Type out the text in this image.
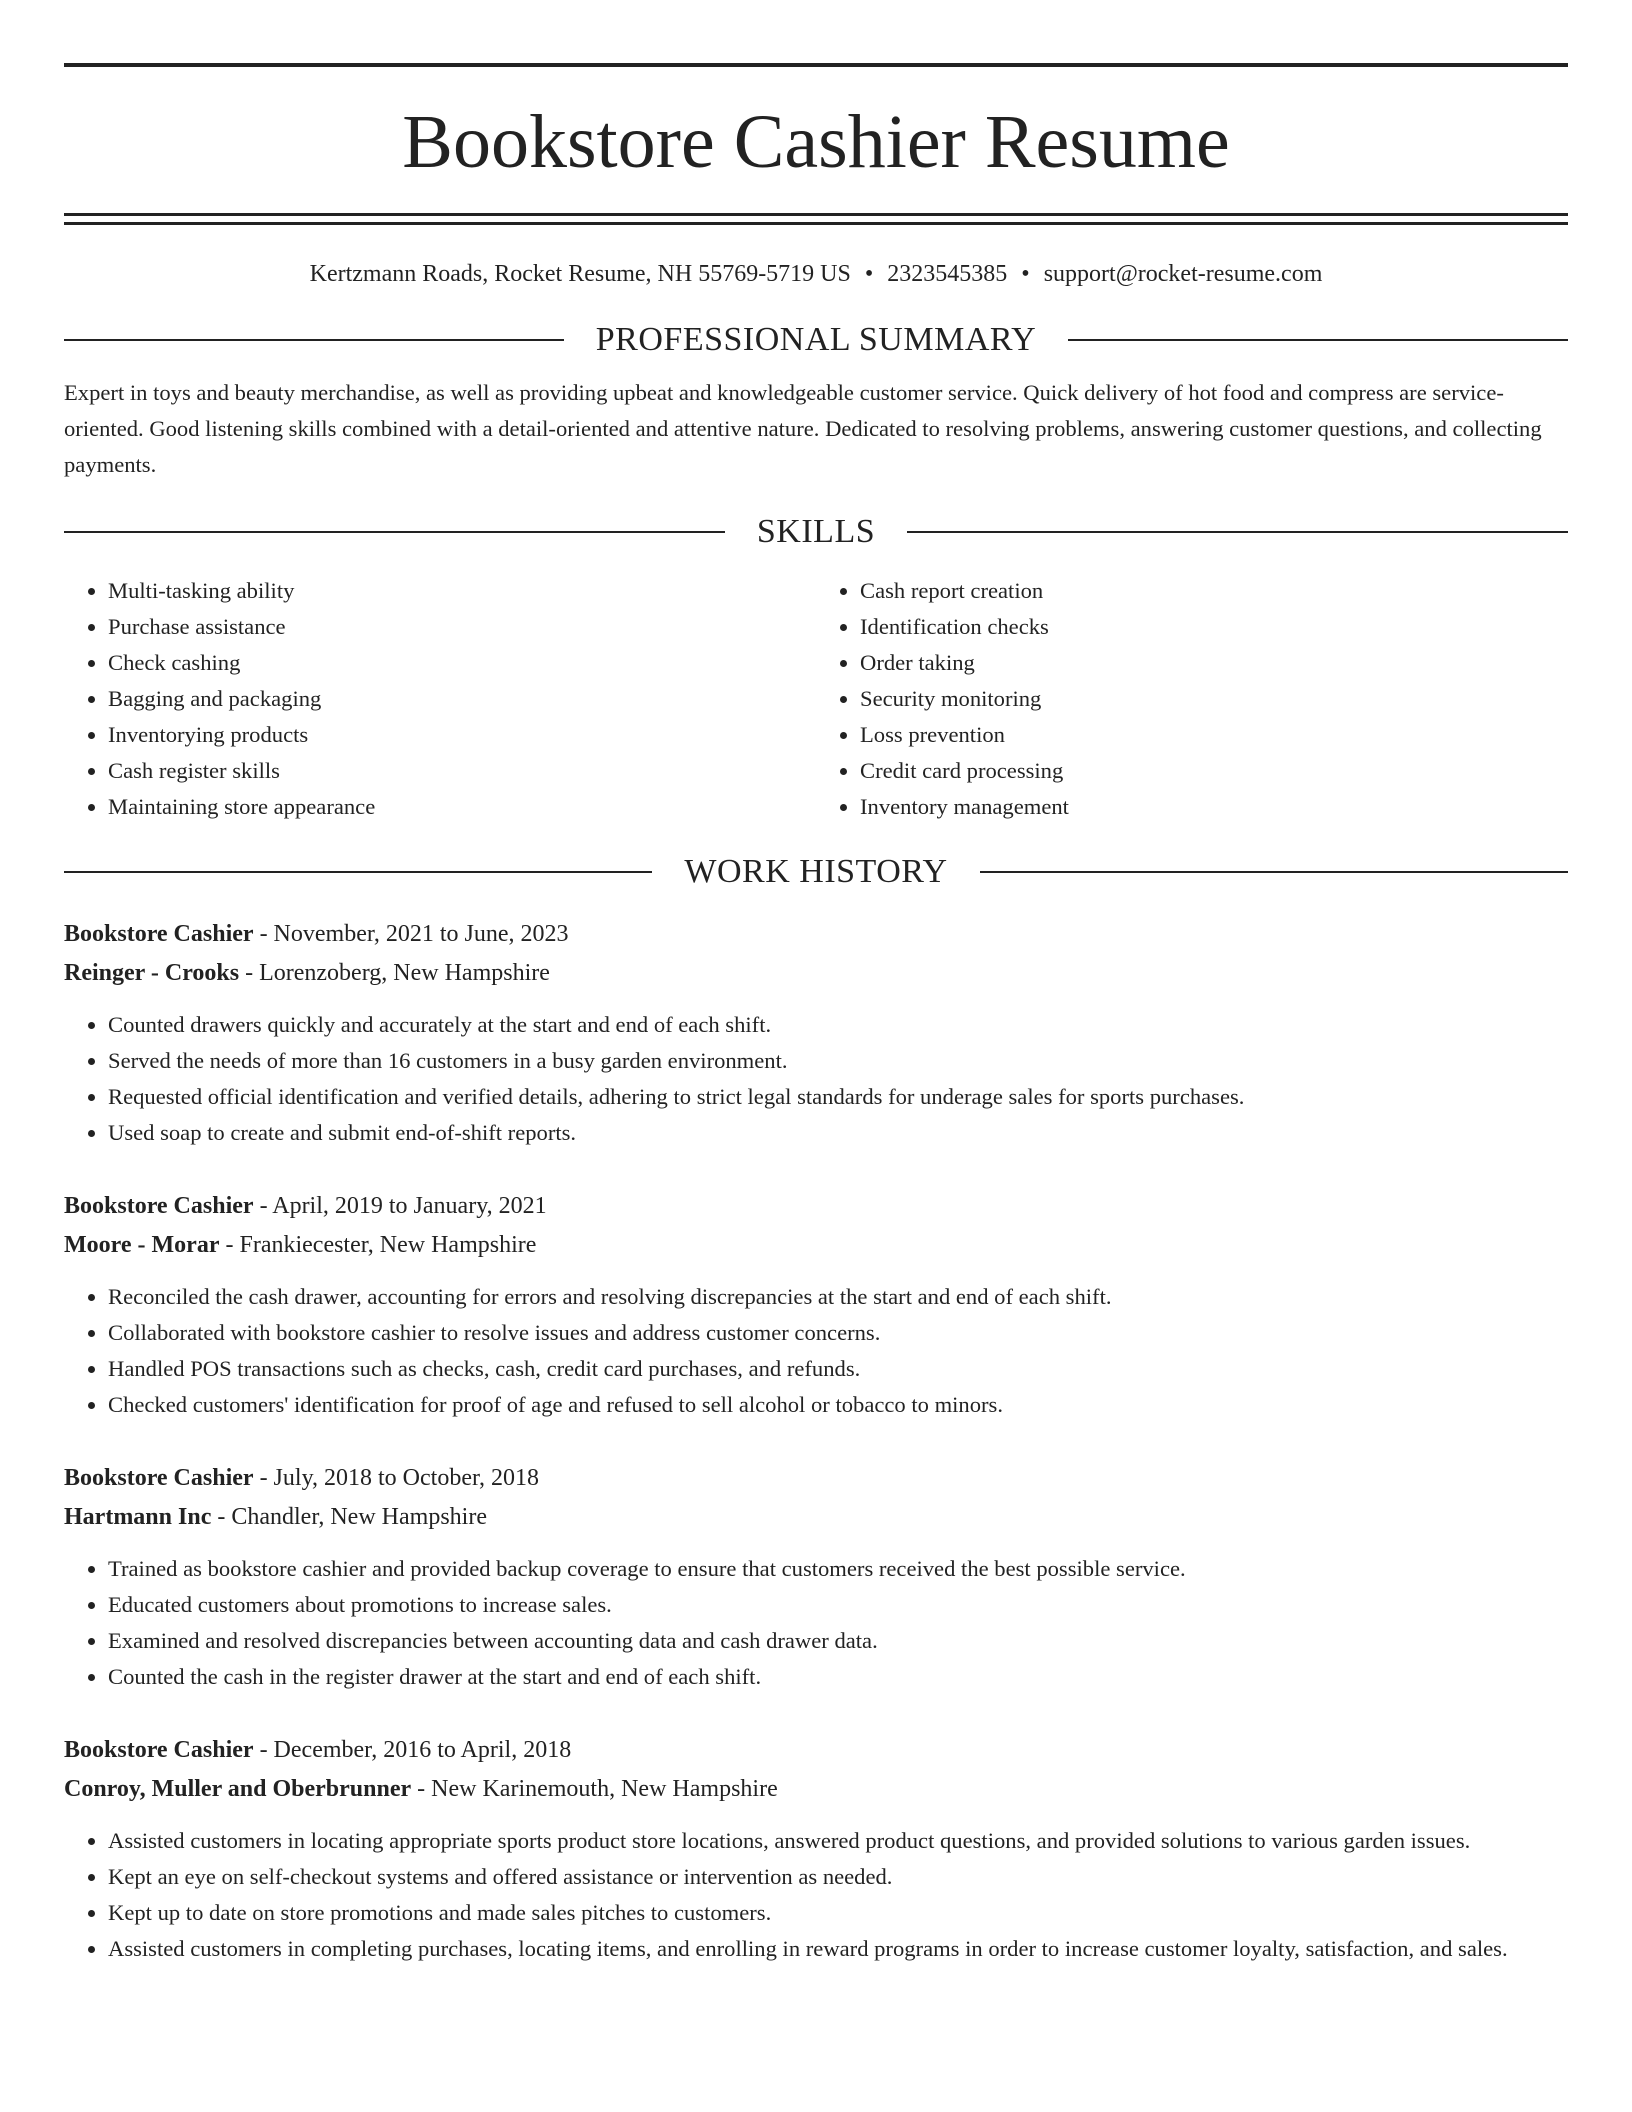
Bookstore Cashier Resume
Kertzmann Roads, Rocket Resume, NH 55769-5719 US • 2323545385 • support@rocket-resume.com
PROFESSIONAL SUMMARY
Expert in toys and beauty merchandise, as well as providing upbeat and knowledgeable customer service. Quick delivery of hot food and compress are service-oriented. Good listening skills combined with a detail-oriented and attentive nature. Dedicated to resolving problems, answering customer questions, and collecting payments.
SKILLS
• Multi-tasking ability
• Purchase assistance
• Check cashing
• Bagging and packaging
• Inventorying products
• Cash register skills
• Maintaining store appearance
• Cash report creation
• Identification checks
• Order taking
• Security monitoring
• Loss prevention
• Credit card processing
• Inventory management
WORK HISTORY
Bookstore Cashier - November, 2021 to June, 2023
Reinger - Crooks - Lorenzoberg, New Hampshire
• Counted drawers quickly and accurately at the start and end of each shift.
• Served the needs of more than 16 customers in a busy garden environment.
• Requested official identification and verified details, adhering to strict legal standards for underage sales for sports purchases.
• Used soap to create and submit end-of-shift reports.
Bookstore Cashier - April, 2019 to January, 2021
Moore - Morar - Frankiecester, New Hampshire
• Reconciled the cash drawer, accounting for errors and resolving discrepancies at the start and end of each shift.
• Collaborated with bookstore cashier to resolve issues and address customer concerns.
• Handled POS transactions such as checks, cash, credit card purchases, and refunds.
• Checked customers' identification for proof of age and refused to sell alcohol or tobacco to minors.
Bookstore Cashier - July, 2018 to October, 2018
Hartmann Inc - Chandler, New Hampshire
• Trained as bookstore cashier and provided backup coverage to ensure that customers received the best possible service.
• Educated customers about promotions to increase sales.
• Examined and resolved discrepancies between accounting data and cash drawer data.
• Counted the cash in the register drawer at the start and end of each shift.
Bookstore Cashier - December, 2016 to April, 2018
Conroy, Muller and Oberbrunner - New Karinemouth, New Hampshire
• Assisted customers in locating appropriate sports product store locations, answered product questions, and provided solutions to various garden issues.
• Kept an eye on self-checkout systems and offered assistance or intervention as needed.
• Kept up to date on store promotions and made sales pitches to customers.
• Assisted customers in completing purchases, locating items, and enrolling in reward programs in order to increase customer loyalty, satisfaction, and sales.
